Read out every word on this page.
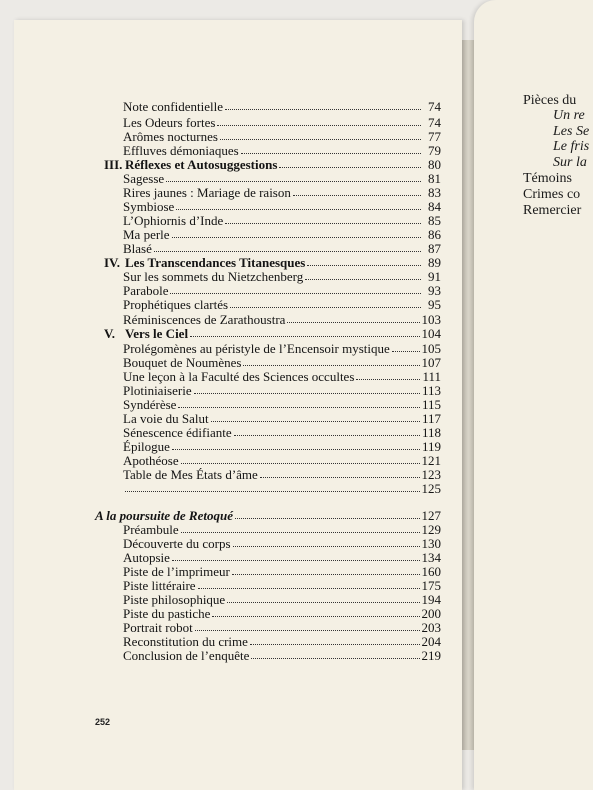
Note confidentielle	74
Les Odeurs fortes	74
Arômes nocturnes	77
Effluves démoniaques	79
III. Réflexes et Autosuggestions	80
Sagesse	81
Rires jaunes : Mariage de raison	83
Symbiose	84
L’Ophiornis d’Inde	85
Ma perle	86
Blasé	87
IV. Les Transcendances Titanesques	89
Sur les sommets du Nietzchenberg	91
Parabole	93
Prophétiques clartés	95
Réminiscences de Zarathoustra	103
V. Vers le Ciel	104
Prolégomènes au péristyle de l’Encensoir mystique 105
Bouquet de Noumènes	107
Une leçon à la Faculté des Sciences occultes	111
Plotiniaiserie	113
Syndérèse	115
La voie du Salut	117
Sénescence édifiante	118
Épilogue	119
Apothéose	121
Table de Mes États d’âme	123
125
A la poursuite de Retoqué	127
Préambule	129
Découverte du corps	130
Autopsie	134
Piste de l’imprimeur	160
Piste littéraire	175
Piste philosophique	194
Piste du pastiche	200
Portrait robot	203
Reconstitution du crime	204
Conclusion de l’enquête	219
252
Pièces du
Un re
Les Se
Le fris
Sur la
Témoins
Crimes co
Remercier
